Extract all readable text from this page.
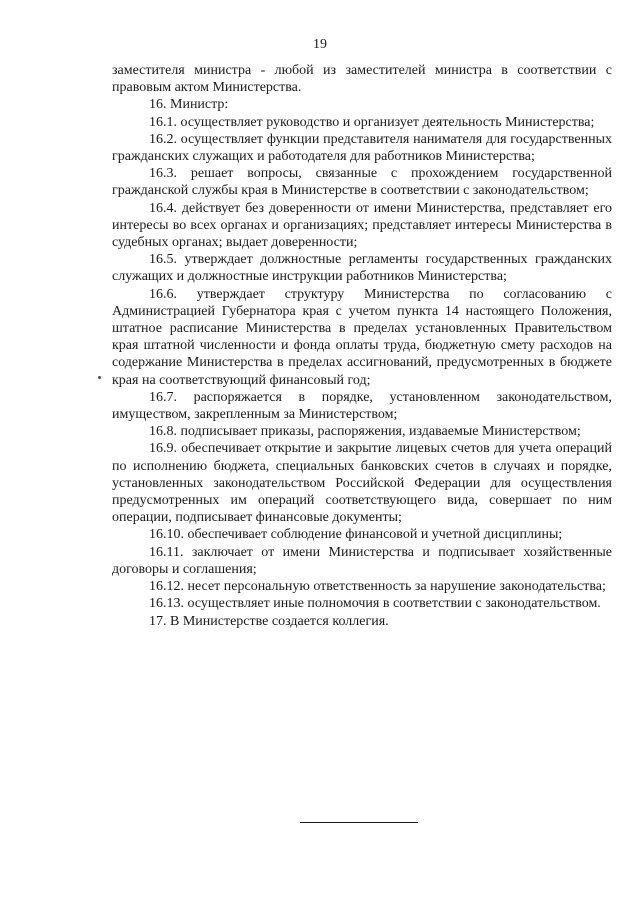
19

заместителя министра - любой из заместителей министра в соответствии с правовым актом Министерства.

16. Министр:

16.1. осуществляет руководство и организует деятельность Министерства;

16.2. осуществляет функции представителя нанимателя для государственных гражданских служащих и работодателя для работников Министерства;

16.3. решает вопросы, связанные с прохождением государственной гражданской службы края в Министерстве в соответствии с законодательством;

16.4. действует без доверенности от имени Министерства, представляет его интересы во всех органах и организациях; представляет интересы Министерства в судебных органах; выдает доверенности;

16.5. утверждает должностные регламенты государственных гражданских служащих и должностные инструкции работников Министерства;

16.6. утверждает структуру Министерства по согласованию с Администрацией Губернатора края с учетом пункта 14 настоящего Положения, штатное расписание Министерства в пределах установленных Правительством края штатной численности и фонда оплаты труда, бюджетную смету расходов на содержание Министерства в пределах ассигнований, предусмотренных в бюджете края на соответствующий финансовый год;

16.7. распоряжается в порядке, установленном законодательством, имуществом, закрепленным за Министерством;

16.8. подписывает приказы, распоряжения, издаваемые Министерством;

16.9. обеспечивает открытие и закрытие лицевых счетов для учета операций по исполнению бюджета, специальных банковских счетов в случаях и порядке, установленных законодательством Российской Федерации для осуществления предусмотренных им операций соответствующего вида, совершает по ним операции, подписывает финансовые документы;

16.10. обеспечивает соблюдение финансовой и учетной дисциплины;

16.11. заключает от имени Министерства и подписывает хозяйственные договоры и соглашения;

16.12. несет персональную ответственность за нарушение законодательства;

16.13. осуществляет иные полномочия в соответствии с законодательством.

17. В Министерстве создается коллегия.
